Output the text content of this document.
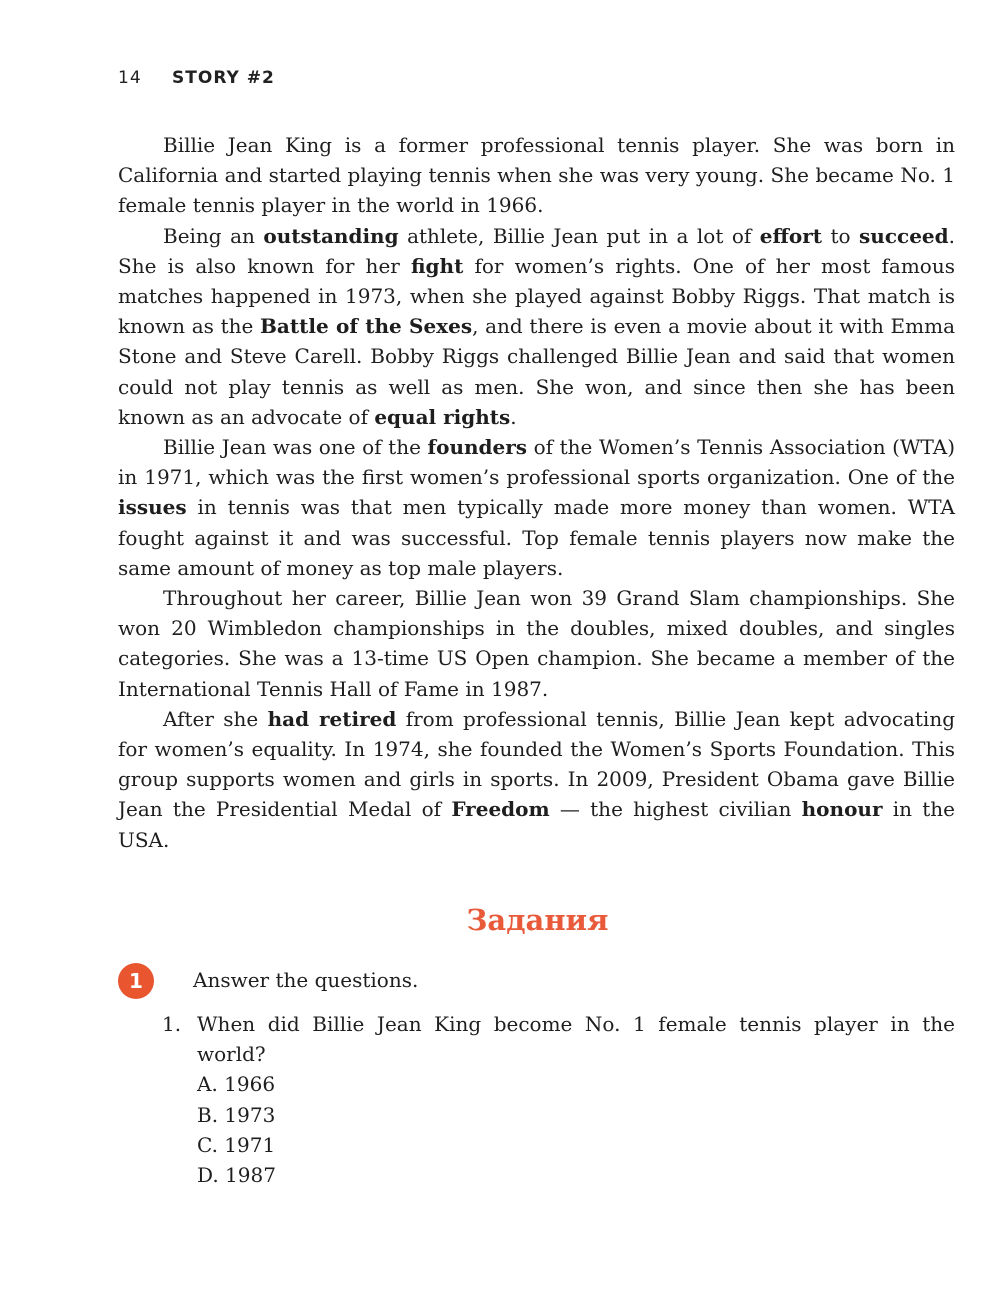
14 STORY #2

Billie Jean King is a former professional tennis player. She was born in California and started playing tennis when she was very young. She became No. 1 female tennis player in the world in 1966.

Being an outstanding athlete, Billie Jean put in a lot of effort to succeed. She is also known for her fight for women’s rights. One of her most famous matches happened in 1973, when she played against Bobby Riggs. That match is known as the Battle of the Sexes, and there is even a movie about it with Emma Stone and Steve Carell. Bobby Riggs challenged Billie Jean and said that women could not play tennis as well as men. She won, and since then she has been known as an advocate of equal rights.

Billie Jean was one of the founders of the Women’s Tennis Association (WTA) in 1971, which was the first women’s professional sports organization. One of the issues in tennis was that men typically made more money than women. WTA fought against it and was successful. Top female tennis players now make the same amount of money as top male players.

Throughout her career, Billie Jean won 39 Grand Slam championships. She won 20 Wimbledon championships in the doubles, mixed doubles, and singles categories. She was a 13-time US Open champion. She became a member of the International Tennis Hall of Fame in 1987.

After she had retired from professional tennis, Billie Jean kept advocating for women’s equality. In 1974, she founded the Women’s Sports Foundation. This group supports women and girls in sports. In 2009, President Obama gave Billie Jean the Presidential Medal of Freedom — the highest civilian honour in the USA.

Задания
1	Answer the questions.
1. When did Billie Jean King become No. 1 female tennis player in the world?
A. 1966
B. 1973
C. 1971
D. 1987
